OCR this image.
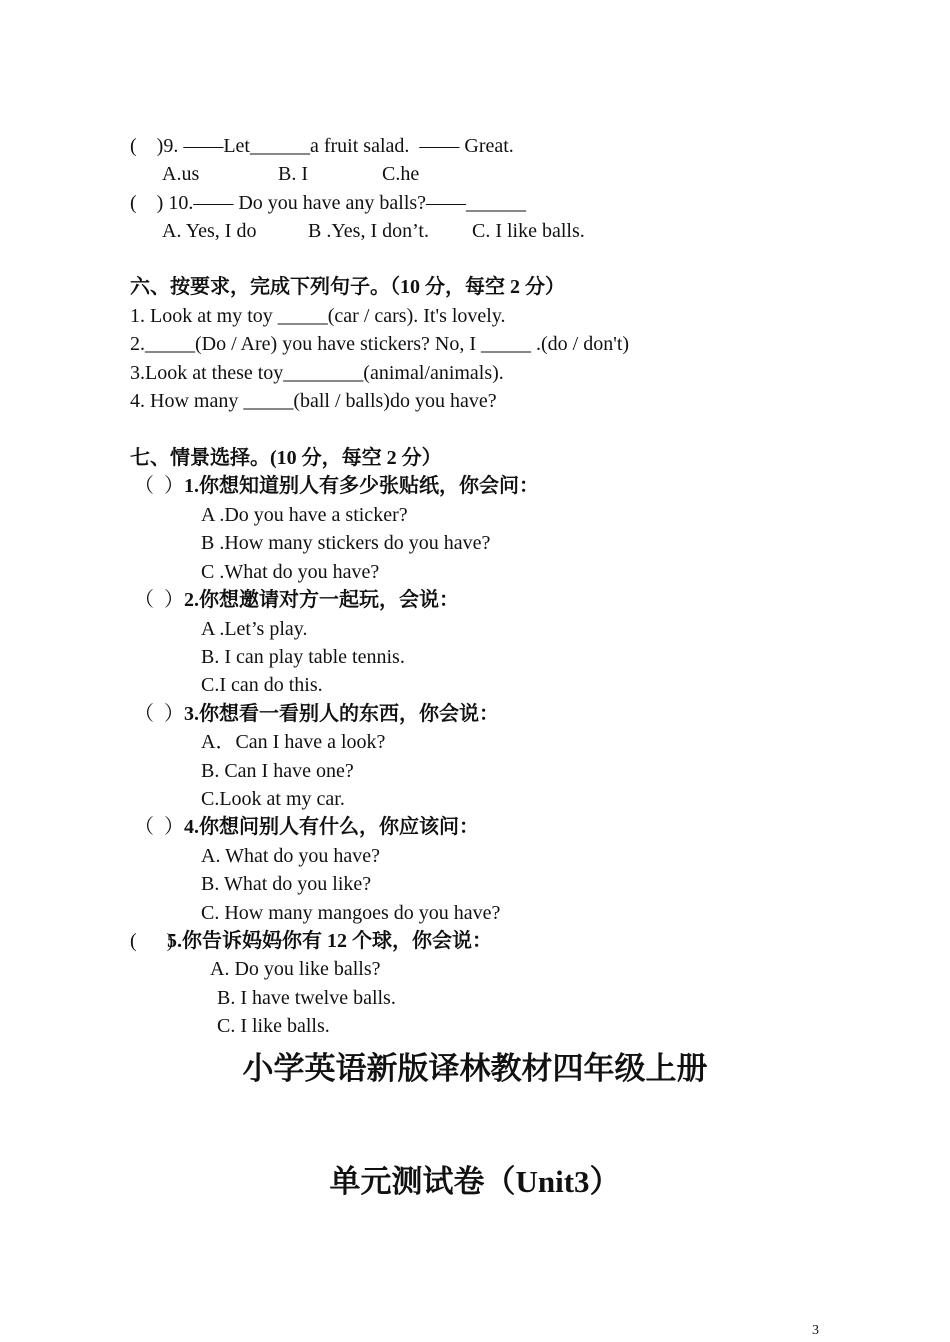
(    )9. ——Let______a fruit salad.  —— Great.
A.us	B. I	C.he
(    ) 10.—— Do you have any balls?——______
A. Yes, I do	B .Yes, I don’t. C. I like balls.
六、按要求，完成下列句子。（10 分，每空 2 分）
1. Look at my toy _____(car / cars). It's lovely.
2._____(Do / Are) you have stickers? No, I _____ .(do / don't)
3.Look at these toy________(animal/animals).
4. How many _____(ball / balls)do you have?
七、情景选择。(10 分，每空 2 分）
（  ） 1.你想知道别人有多少张贴纸，你会问：
A .Do you have a sticker?
B .How many stickers do you have?
C .What do you have?
（  ） 2.你想邀请对方一起玩，会说：
A .Let’s play.
B. I can play table tennis.
C.I can do this.
（  ） 3.你想看一看别人的东西，你会说：
A．Can I have a look?
B. Can I have one?
C.Look at my car.
（  ） 4.你想问别人有什么，你应该问：
A. What do you have?
B. What do you like?
C. How many mangoes do you have?
(      )
5.你告诉妈妈你有 12 个球，你会说：
A. Do you like balls?
B. I have twelve balls.
C. I like balls.
小学英语新版译林教材四年级上册
单元测试卷（Unit3）
3
